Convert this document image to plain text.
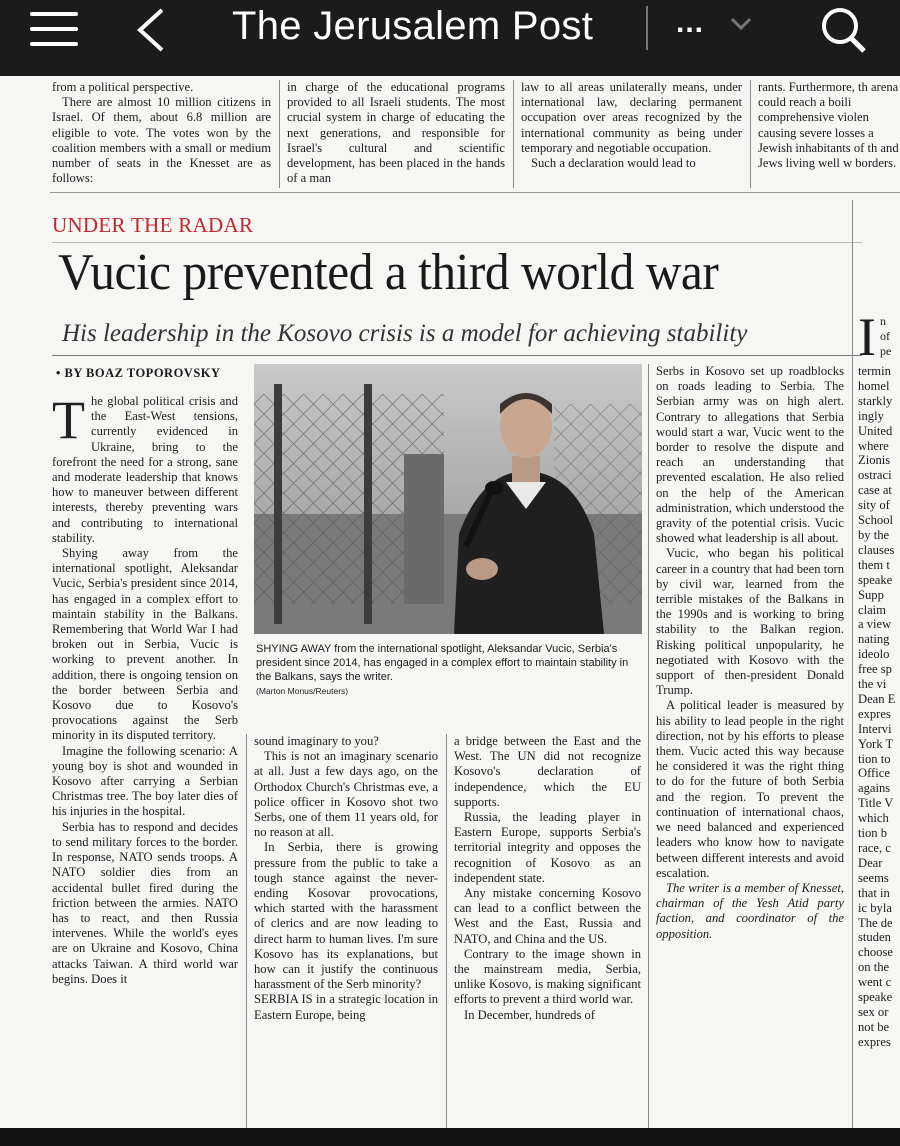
The Jerusalem Post	...

from a political perspective.

There are almost 10 million citizens in Israel. Of them, about 6.8 million are eligible to vote. The votes won by the coalition members with a small or medium number of seats in the Knesset are as follows:

in charge of the educational programs provided to all Israeli students. The most crucial system in charge of educating the next generations, and responsible for Israel's cultural and scientific development, has been placed in the hands of a man

law to all areas unilaterally means, under international law, declaring permanent occupation over areas recognized by the international community as being under temporary and negotiable occupation.

Such a declaration would lead to

rants. Furthermore, th arena could reach a boili comprehensive violen causing severe losses a Jewish inhabitants of th and Jews living well w borders.

UNDER THE RADAR
Vucic prevented a third world war
His leadership in the Kosovo crisis is a model for achieving stability
• BY BOAZ TOPOROVSKY

The global political crisis and the East-West tensions, currently evidenced in Ukraine, bring to the forefront the need for a strong, sane and moderate leadership that knows how to maneuver between different interests, thereby preventing wars and contributing to international stability.

Shying away from the international spotlight, Aleksandar Vucic, Serbia's president since 2014, has engaged in a complex effort to maintain stability in the Balkans. Remembering that World War I had broken out in Serbia, Vucic is working to prevent another. In addition, there is ongoing tension on the border between Serbia and Kosovo due to Kosovo's provocations against the Serb minority in its disputed territory.

Imagine the following scenario: A young boy is shot and wounded in Kosovo after carrying a Serbian Christmas tree. The boy later dies of his injuries in the hospital.

Serbia has to respond and decides to send military forces to the border. In response, NATO sends troops. A NATO soldier dies from an accidental bullet fired during the friction between the armies. NATO has to react, and then Russia intervenes. While the world's eyes are on Ukraine and Kosovo, China attacks Taiwan. A third world war begins. Does it

SHYING AWAY from the international spotlight, Aleksandar Vucic, Serbia's president since 2014, has engaged in a complex effort to maintain stability in the Balkans, says the writer.
(Marton Monus/Reuters)

sound imaginary to you?

This is not an imaginary scenario at all. Just a few days ago, on the Orthodox Church's Christmas eve, a police officer in Kosovo shot two Serbs, one of them 11 years old, for no reason at all.

In Serbia, there is growing pressure from the public to take a tough stance against the never-ending Kosovar provocations, which started with the harassment of clerics and are now leading to direct harm to human lives. I'm sure Kosovo has its explanations, but how can it justify the continuous harassment of the Serb minority?

SERBIA IS in a strategic location in Eastern Europe, being

a bridge between the East and the West. The UN did not recognize Kosovo's declaration of independence, which the EU supports.

Russia, the leading player in Eastern Europe, supports Serbia's territorial integrity and opposes the recognition of Kosovo as an independent state.

Any mistake concerning Kosovo can lead to a conflict between the West and the East, Russia and NATO, and China and the US.

Contrary to the image shown in the mainstream media, Serbia, unlike Kosovo, is making significant efforts to prevent a third world war.

In December, hundreds of

Serbs in Kosovo set up roadblocks on roads leading to Serbia. The Serbian army was on high alert. Contrary to allegations that Serbia would start a war, Vucic went to the border to resolve the dispute and reach an understanding that prevented escalation. He also relied on the help of the American administration, which understood the gravity of the potential crisis. Vucic showed what leadership is all about.

Vucic, who began his political career in a country that had been torn by civil war, learned from the terrible mistakes of the Balkans in the 1990s and is working to bring stability to the Balkan region. Risking political unpopularity, he negotiated with Kosovo with the support of then-president Donald Trump.

A political leader is measured by his ability to lead people in the right direction, not by his efforts to please them. Vucic acted this way because he considered it was the right thing to do for the future of both Serbia and the region. To prevent the continuation of international chaos, we need balanced and experienced leaders who know how to navigate between different interests and avoid escalation.

The writer is a member of Knesset, chairman of the Yesh Atid party faction, and coordinator of the opposition.

I n
of
pe
termin
homel
starkly
ingly
United
where
Zionis
ostraci
case at
sity of
School
by the
clauses
them t
speake
Supp
claim
a view
nating
ideolo
free sp
the vi
Dean E
expres
Intervi
York T
tion to
Office
agains
Title V
which
tion b
race, c
Dear
seems
that in
ic byla
The de
studen
choose
on the
went c
speake
sex or
not be
expres
